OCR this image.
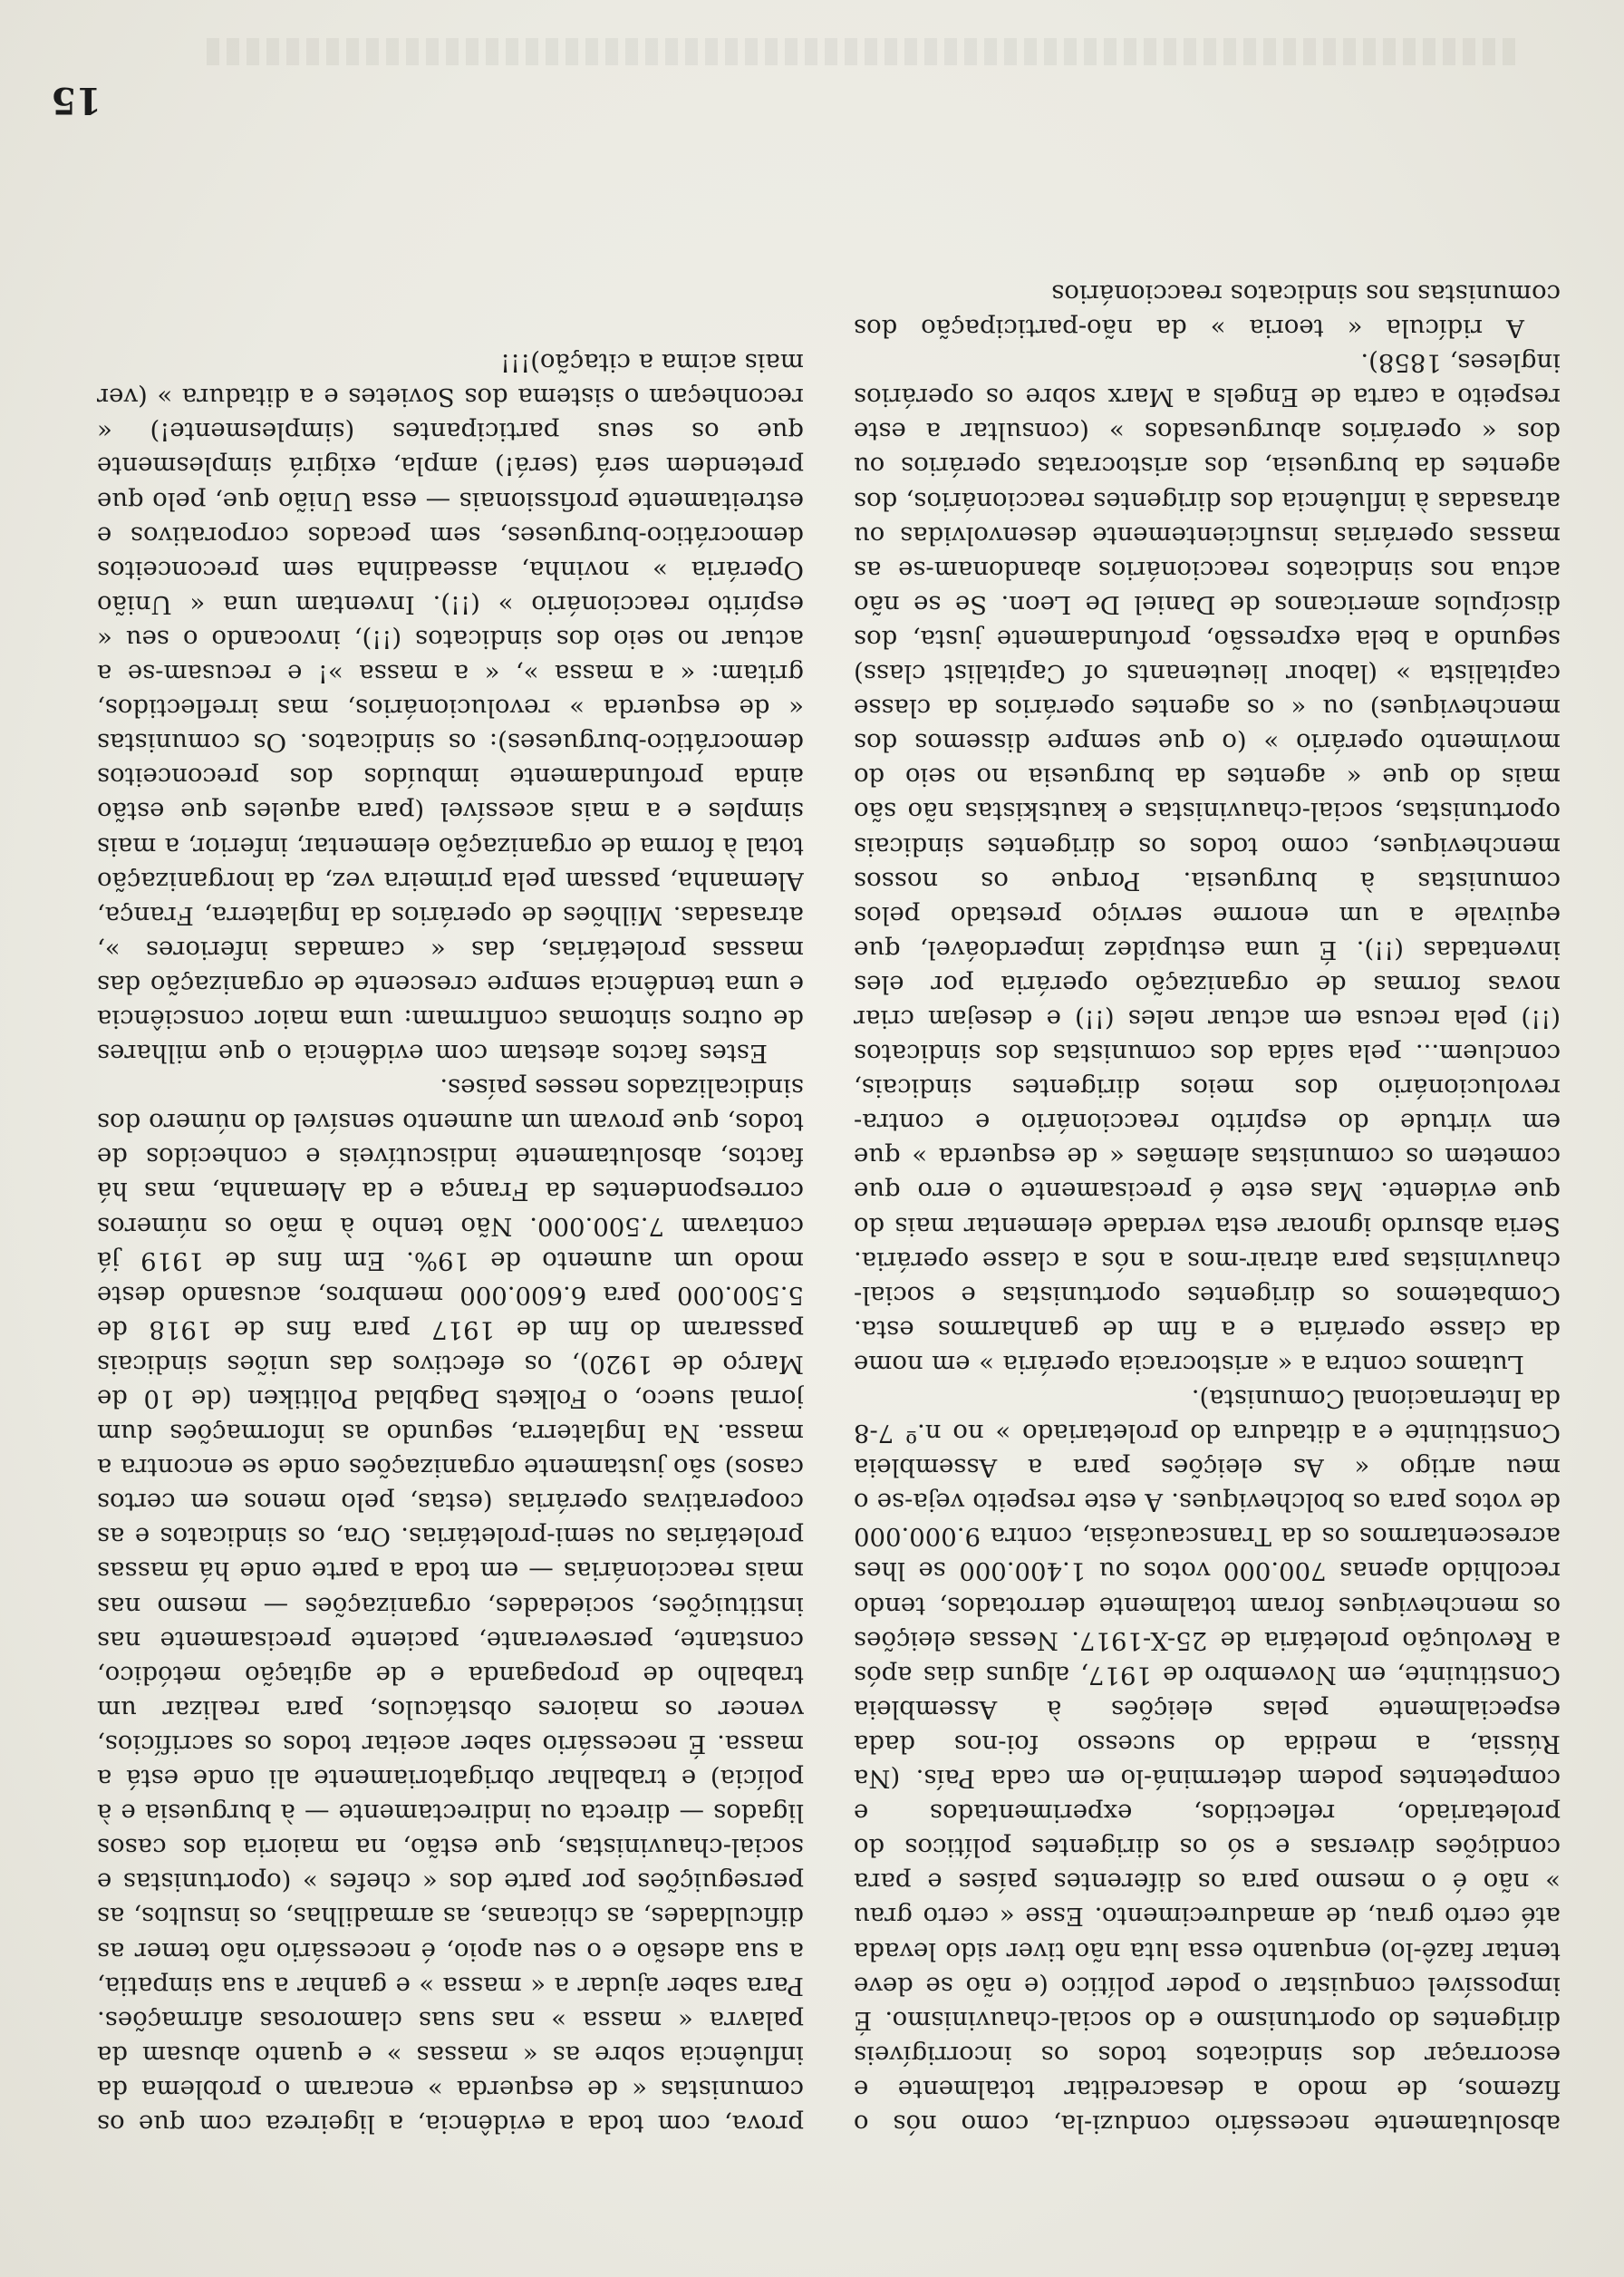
absolutamente necessário conduzi-la, como nós o fizemos, de modo a desacreditar totalmente e escorraçar dos sindicatos todos os incorrigíveis dirigentes do oportunismo e do social-chauvinismo. É impossível conquistar o poder político (e não se deve tentar fazê-lo) enquanto essa luta não tiver sido levada até certo grau, de amadurecimento. Esse « certo grau » não é o mesmo para os diferentes países e para condições diversas e só os dirigentes políticos do proletariado, reflectidos, experimentados e competentes podem determiná-lo em cada País. (Na Rússia, a medida do sucesso foi-nos dada especialmente pelas eleições à Assembleia Constituinte, em Novembro de 1917, alguns dias após a Revolução proletária de 25-X-1917. Nessas eleições os mencheviques foram totalmente derrotados, tendo recolhido apenas 700.000 votos ou 1.400.000 se lhes acrescentarmos os da Transcaucásia, contra 9.000.000 de votos para os bolcheviques. A este respeito veja-se o meu artigo « As eleições para a Assembleia Constituinte e a ditadura do proletariado » no n.º 7-8 da Internacional Comunista).

Lutamos contra a « aristocracia operária » em nome da classe operária e a fim de ganharmos esta. Combatemos os dirigentes oportunistas e social-chauvinistas para atrair-mos a nós a classe operária. Seria absurdo ignorar esta verdade elementar mais do que evidente. Mas este é precisamente o erro que cometem os comunistas alemães « de esquerda » que em virtude do espírito reaccionário e contra-revolucionário dos meios dirigentes sindicais, concluem... pela saída dos comunistas dos sindicatos (!!) pela recusa em actuar neles (!!) e desejam criar novas formas de organização operária por eles inventadas (!!). É uma estupidez imperdoável, que equivale a um enorme serviço prestado pelos comunistas à burguesia. Porque os nossos mencheviques, como todos os dirigentes sindicais oportunistas, social-chauvinistas e kautskistas não são mais do que « agentes da burguesia no seio do movimento operário » (o que sempre dissemos dos mencheviques) ou « os agentes operários da classe capitalista » (labour lieutenants of Capitalist class) segundo a bela expressão, profundamente justa, dos discípulos americanos de Daniel De Leon. Se se não actua nos sindicatos reaccionários abandonam-se as massas operárias insuficientemente desenvolvidas ou atrasadas à influência dos dirigentes reaccionários, dos agentes da burguesia, dos aristocratas operários ou dos « operários aburguesados » (consultar a este respeito a carta de Engels a Marx sobre os operários ingleses, 1858).

A ridícula « teoria » da não-participação dos comunistas nos sindicatos reaccionários

prova, com toda a evidência, a ligeireza com que os comunistas « de esquerda » encaram o problema da influência sobre as « massas » e quanto abusam da palavra « massa » nas suas clamorosas afirmações. Para saber ajudar a « massa » e ganhar a sua simpatia, a sua adesão e o seu apoio, é necessário não temer as dificuldades, as chicanas, as armadilhas, os insultos, as perseguições por parte dos « chefes » (oportunistas e social-chauvinistas, que estão, na maioria dos casos ligados — directa ou indirectamente — à burguesia e à polícia) e trabalhar obrigatoriamente ali onde está a massa. É necessário saber aceitar todos os sacrifícios, vencer os maiores obstáculos, para realizar um trabalho de propaganda e de agitação metódico, constante, perseverante, paciente precisamente nas instituições, sociedades, organizações — mesmo nas mais reaccionárias — em toda a parte onde há massas proletárias ou semi-proletárias. Ora, os sindicatos e as cooperativas operárias (estas, pelo menos em certos casos) são justamente organizações onde se encontra a massa. Na Inglaterra, segundo as informações dum jornal sueco, o Folkets Dagblad Politiken (de 10 de Março de 1920), os efectivos das uniões sindicais passaram do fim de 1917 para fins de 1918 de 5.500.000 para 6.600.000 membros, acusando deste modo um aumento de 19%. Em fins de 1919 já contavam 7.500.000. Não tenho à mão os números correspondentes da França e da Alemanha, mas há factos, absolutamente indiscutíveis e conhecidos de todos, que provam um aumento sensível do número dos sindicalizados nesses países.

Estes factos atestam com evidência o que milhares de outros sintomas confirmam: uma maior consciência e uma tendência sempre crescente de organização das massas proletárias, das « camadas inferiores », atrasadas. Milhões de operários da Inglaterra, França, Alemanha, passam pela primeira vez, da inorganização total à forma de organização elementar, inferior, a mais simples e a mais acessível (para aqueles que estão ainda profundamente imbuídos dos preconceitos democrático-burgueses): os sindicatos. Os comunistas « de esquerda » revolucionários, mas irreflectidos, gritam: « a massa », « a massa »! e recusam-se a actuar no seio dos sindicatos (!!), invocando o seu « espírito reaccionário » (!!). Inventam uma « União Operária » novinha, asseadinha sem preconceitos democrático-burgueses, sem pecados corporativos e estreitamente profissionais — essa União que, pelo que pretendem será (será!) ampla, exigirá simplesmente que os seus participantes (simplesmente!) « reconheçam o sistema dos Sovietes e a ditadura » (ver mais acima a citação)!!!

15
